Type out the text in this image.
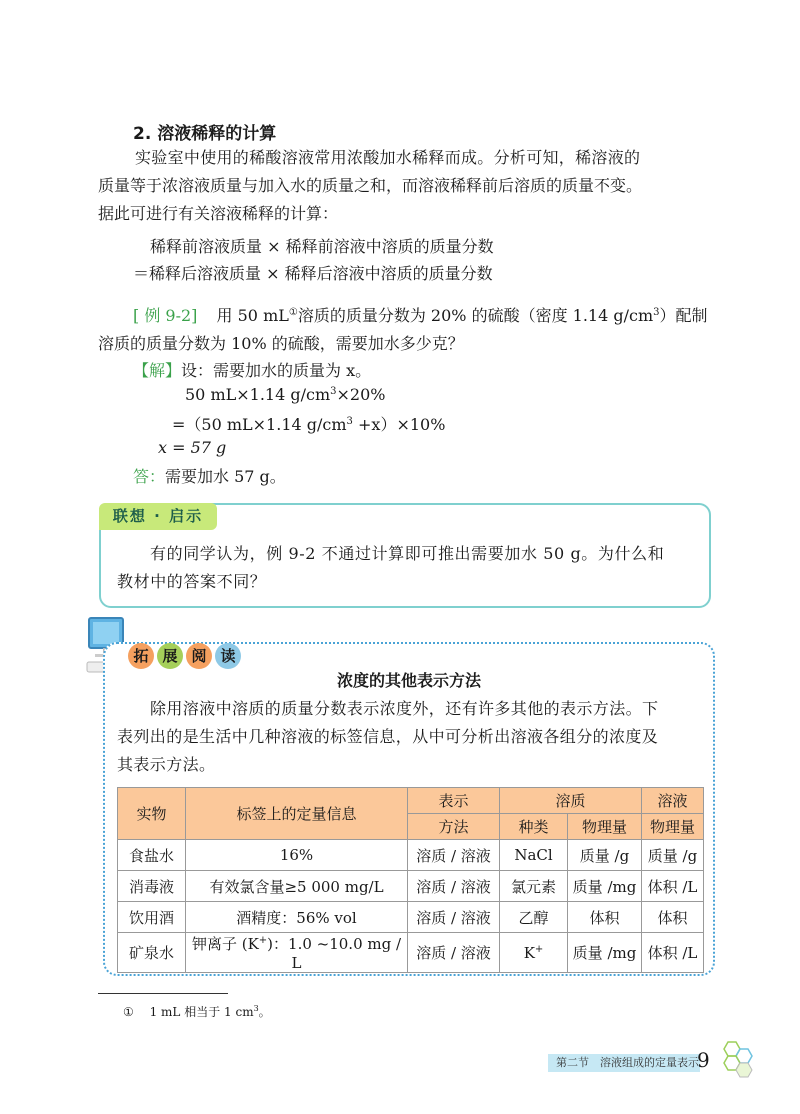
2. 溶液稀释的计算
实验室中使用的稀酸溶液常用浓酸加水稀释而成。分析可知，稀溶液的
质量等于浓溶液质量与加入水的质量之和，而溶液稀释前后溶质的质量不变。
据此可进行有关溶液稀释的计算：
稀释前溶液质量 × 稀释前溶液中溶质的质量分数
＝稀释后溶液质量 × 稀释后溶液中溶质的质量分数
[ 例 9-2] 用 50 mL①溶质的质量分数为 20% 的硫酸（密度 1.14 $g/cm^3$）配制
溶质的质量分数为 10% 的硫酸，需要加水多少克？
【解】设：需要加水的质量为 x。
50 mL×1.14 $g/cm^3\times 20\%$
=（50 mL×1.14 $g/cm^3 +x)\times 10\%$
x = 57 g
答：需要加水 57 g。
联想 · 启示
有的同学认为，例 9-2 不通过计算即可推出需要加水 50 g。为什么和
教材中的答案不同？
拓 展 阅 读
浓度的其他表示方法
除用溶液中溶质的质量分数表示浓度外，还有许多其他的表示方法。下
表列出的是生活中几种溶液的标签信息，从中可分析出溶液各组分的浓度及
其表示方法。
实物	标签上的定量信息	表示	溶质		溶液
		方法	种类	物理量	物理量
食盐水	16%	溶质 / 溶液	NaCl	质量 /g	质量 /g
消毒液	有效氯含量≥5 000 mg/L	溶质 / 溶液	氯元素	质量 /mg	体积 /L
饮用酒	酒精度：56% vol	溶质 / 溶液	乙醇	体积	体积
矿泉水	钾离子 (K+)：1.0 ~10.0 mg / L	溶质 / 溶液	K+	质量 /mg	体积 /L
① 1 mL 相当于 1 $cm^3$。
第二节　溶液组成的定量表示
9
